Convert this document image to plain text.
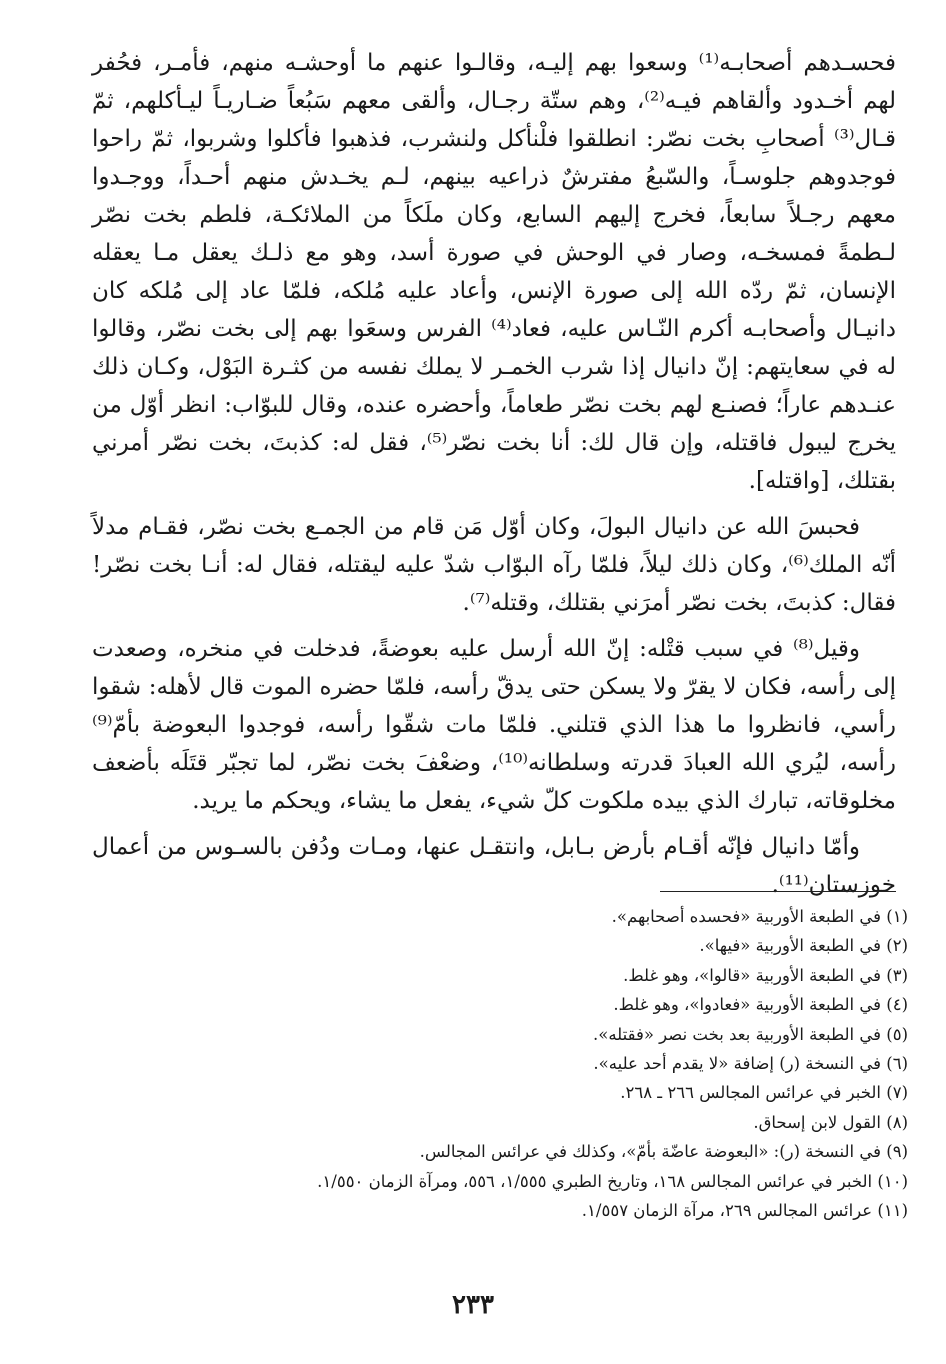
فحسـدهم أصحابـه⁽¹⁾ وسعوا بهم إليـه، وقالـوا عنهم ما أوحشـه منهم، فأمـر، فحُفر لهم أخـدود وألقاهم فيـه⁽²⁾، وهم ستّة رجـال، وألقى معهم سَبُعاً ضـاريـاً ليـأكلهم، ثمّ قـال⁽³⁾ أصحابِ بخت نصّر: انطلقوا فلْنأكل ولنشرب، فذهبوا فأكلوا وشربوا، ثمّ راحوا فوجدوهم جلوسـاً، والسّبعُ مفترشٌ ذراعيه بينهم، لـم يخـدش منهم أحـداً، ووجـدوا معهم رجـلاً سابعاً، فخرج إليهم السابع، وكان ملَكاً من الملائكـة، فلطم بخت نصّر لـطمةً فمسخـه، وصار في الوحش في صورة أسد، وهو مع ذلـك يعقل مـا يعقله الإنسان، ثمّ ردّه الله إلى صورة الإنس، وأعاد عليه مُلكه، فلمّا عاد إلى مُلكه كان دانيـال وأصحابـه أكرم النّـاس عليه، فعاد⁽⁴⁾ الفرس وسعَوا بهم إلى بخت نصّر، وقالوا له في سعايتهم: إنّ دانيال إذا شرب الخمـر لا يملك نفسه من كثـرة البَوْل، وكـان ذلك عنـدهم عاراً؛ فصنـع لهم بخت نصّر طعاماً، وأحضره عنده، وقال للبوّاب: انظر أوّل من يخرج ليبول فاقتله، وإن قال لك: أنا بخت نصّر⁽⁵⁾، فقل له: كذبتَ، بخت نصّر أمرني بقتلك، [واقتله].

فحبسَ الله عن دانيال البولَ، وكان أوّل مَن قام من الجمـع بخت نصّر، فقـام مدلاً أنّه الملك⁽⁶⁾، وكان ذلك ليلاً، فلمّا رآه البوّاب شدّ عليه ليقتله، فقال له: أنـا بخت نصّر! فقال: كذبتَ، بخت نصّر أمرَني بقتلك، وقتله⁽⁷⁾.

وقيل⁽⁸⁾ في سبب قتْله: إنّ الله أرسل عليه بعوضةً، فدخلت في منخره، وصعدت إلى رأسه، فكان لا يقرّ ولا يسكن حتى يدقّ رأسه، فلمّا حضره الموت قال لأهله: شقوا رأسي، فانظروا ما هذا الذي قتلني. فلمّا مات شقّوا رأسه، فوجدوا البعوضة بأمّ⁽⁹⁾ رأسه، ليُري الله العبادَ قدرته وسلطانه⁽¹⁰⁾، وضعْفَ بخت نصّر، لما تجبّر قتَلَه بأضعف مخلوقاته، تبارك الذي بيده ملكوت كلّ شيء، يفعل ما يشاء، ويحكم ما يريد.

وأمّا دانيال فإنّه أقـام بأرض بـابل، وانتقـل عنها، ومـات ودُفن بالسـوس من أعمال خوزستان⁽¹¹⁾.

(١) في الطبعة الأوربية «فحسده أصحابهم».
(٢) في الطبعة الأوربية «فيها».
(٣) في الطبعة الأوربية «قالوا»، وهو غلط.
(٤) في الطبعة الأوربية «فعادوا»، وهو غلط.
(٥) في الطبعة الأوربية بعد بخت نصر «فقتله».
(٦) في النسخة (ر) إضافة «لا يقدم أحد عليه».
(٧) الخبر في عرائس المجالس ٢٦٦ ـ ٢٦٨.
(٨) القول لابن إسحاق.
(٩) في النسخة (ر): «البعوضة عاضّة بأمّ»، وكذلك في عرائس المجالس.
(١٠) الخبر في عرائس المجالس ١٦٨، وتاريخ الطبري ١/٥٥٥، ٥٥٦، ومرآة الزمان ١/٥٥٠.
(١١) عرائس المجالس ٢٦٩، مرآة الزمان ١/٥٥٧.
٢٣٣
